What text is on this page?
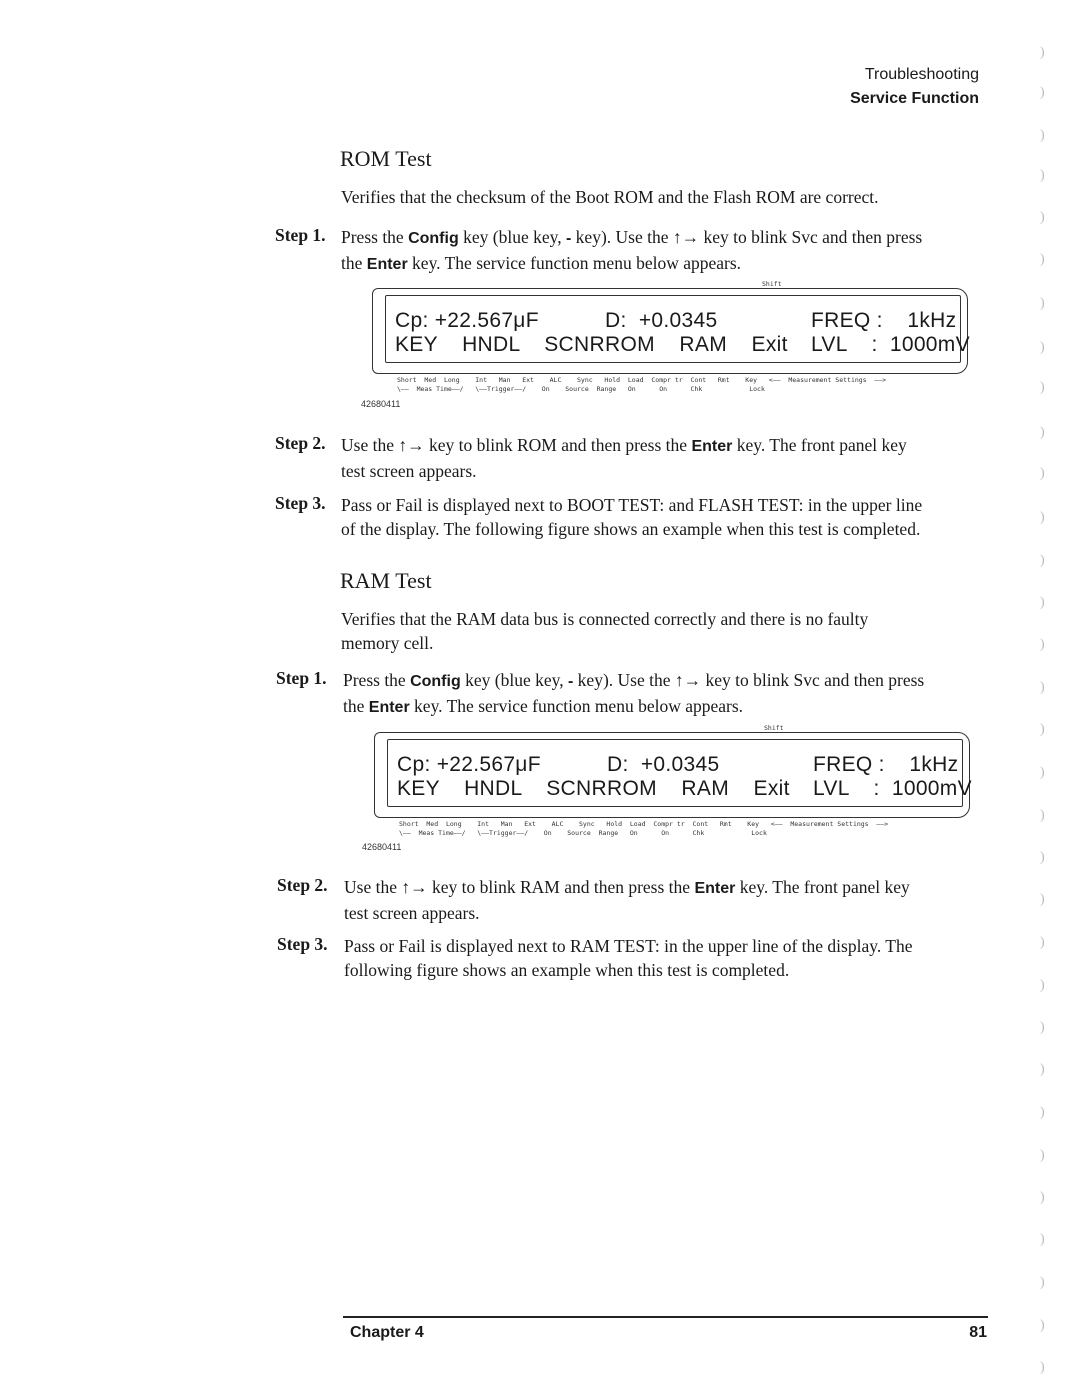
Troubleshooting
Service Function
ROM Test
Verifies that the checksum of the Boot ROM and the Flash ROM are correct.
Step 1. Press the Config key (blue key, - key). Use the ↑→ key to blink Svc and then press
the Enter key. The service function menu below appears.
Shift
Cp: +22.567μF	D:  +0.0345	FREQ :    1kHz
KEY    HNDL    SCNR ROM    RAM    Exit LVL    :  1000mV
Short  Med  Long    Int   Man   Ext    ALC    Sync   Hold  Load  Compr tr  Cont   Rmt    Key   <——  Measurement Settings  ——>
\——  Meas Time——/   \——Trigger——/    On    Source  Range   On      On      Chk            Lock
42680411
Step 2. Use the ↑→ key to blink ROM and then press the Enter key. The front panel key
test screen appears.
Step 3. Pass or Fail is displayed next to BOOT TEST: and FLASH TEST: in the upper line
of the display. The following figure shows an example when this test is completed.
RAM Test
Verifies that the RAM data bus is connected correctly and there is no faulty
memory cell.
Step 1. Press the Config key (blue key, - key). Use the ↑→ key to blink Svc and then press
the Enter key. The service function menu below appears.
Shift
Cp: +22.567μF	D:  +0.0345	FREQ :    1kHz
KEY    HNDL    SCNR ROM    RAM    Exit LVL    :  1000mV
Short  Med  Long    Int   Man   Ext    ALC    Sync   Hold  Load  Compr tr  Cont   Rmt    Key   <——  Measurement Settings  ——>
\——  Meas Time——/   \——Trigger——/    On    Source  Range   On      On      Chk            Lock
42680411
Step 2. Use the ↑→ key to blink RAM and then press the Enter key. The front panel key
test screen appears.
Step 3. Pass or Fail is displayed next to RAM TEST: in the upper line of the display. The
following figure shows an example when this test is completed.
Chapter 4	81
)
)
)
)
)
)
)
)
)
)
)
)
)
)
)
)
)
)
)
)
)
)
)
)
)
)
)
)
)
)
)
)
